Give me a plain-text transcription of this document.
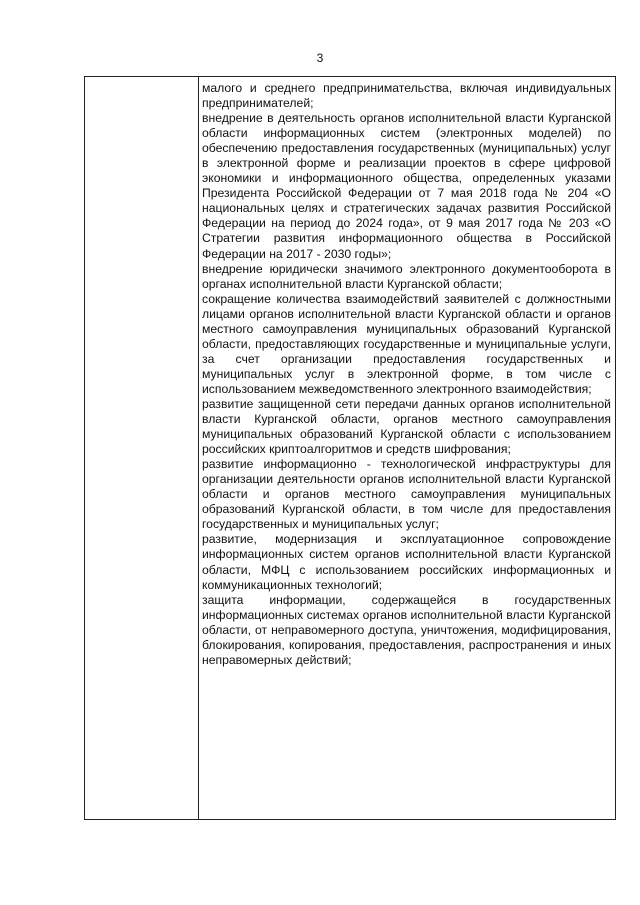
3

малого и среднего предпринимательства, включая индивидуальных предпринимателей;

внедрение в деятельность органов исполнительной власти Курганской области информационных систем (электронных моделей) по обеспечению предоставления государственных (муниципальных) услуг в электронной форме и реализации проектов в сфере цифровой экономики и информационного общества, определенных указами Президента Российской Федерации от 7 мая 2018 года № 204 «О национальных целях и стратегических задачах развития Российской Федерации на период до 2024 года», от 9 мая 2017 года № 203 «О Стратегии развития информационного общества в Российской Федерации на 2017 - 2030 годы»;

внедрение юридически значимого электронного документооборота в органах исполнительной власти Курганской области;

сокращение количества взаимодействий заявителей с должностными лицами органов исполнительной власти Курганской области и органов местного самоуправления муниципальных образований Курганской области, предоставляющих государственные и муниципальные услуги, за счет организации предоставления государственных и муниципальных услуг в электронной форме, в том числе с использованием межведомственного электронного взаимодействия;

развитие защищенной сети передачи данных органов исполнительной власти Курганской области, органов местного самоуправления муниципальных образований Курганской области с использованием российских криптоалгоритмов и средств шифрования;

развитие информационно - технологической инфраструктуры для организации деятельности органов исполнительной власти Курганской области и органов местного самоуправления муниципальных образований Курганской области, в том числе для предоставления государственных и муниципальных услуг;

развитие, модернизация и эксплуатационное сопровождение информационных систем органов исполнительной власти Курганской области, МФЦ с использованием российских информационных и коммуникационных технологий;

защита информации, содержащейся в государственных информационных системах органов исполнительной власти Курганской области, от неправомерного доступа, уничтожения, модифицирования, блокирования, копирования, предоставления, распространения и иных неправомерных действий;
